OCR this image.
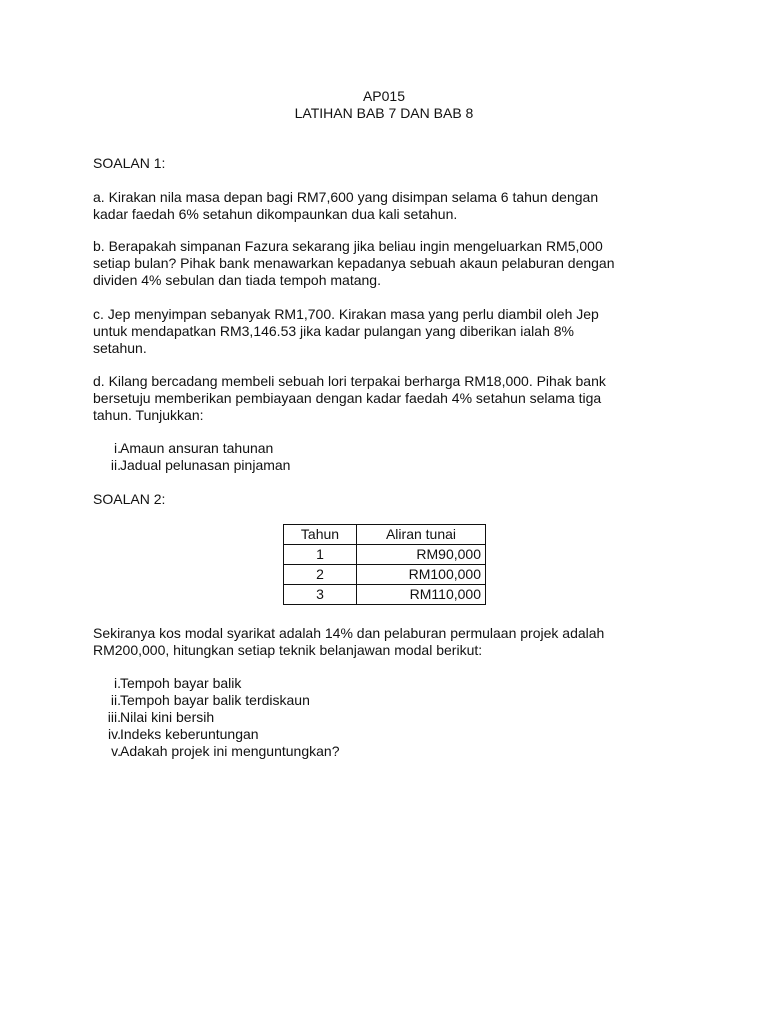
AP015
LATIHAN BAB 7 DAN BAB 8
SOALAN 1:
a. Kirakan nila masa depan bagi RM7,600 yang disimpan selama 6 tahun dengan
kadar faedah 6% setahun dikompaunkan dua kali setahun.
b. Berapakah simpanan Fazura sekarang jika beliau ingin mengeluarkan RM5,000
setiap bulan? Pihak bank menawarkan kepadanya sebuah akaun pelaburan dengan
dividen 4% sebulan dan tiada tempoh matang.
c. Jep menyimpan sebanyak RM1,700. Kirakan masa yang perlu diambil oleh Jep
untuk mendapatkan RM3,146.53 jika kadar pulangan yang diberikan ialah 8%
setahun.
d. Kilang bercadang membeli sebuah lori terpakai berharga RM18,000. Pihak bank
bersetuju memberikan pembiayaan dengan kadar faedah 4% setahun selama tiga
tahun. Tunjukkan:
i. Amaun ansuran tahunan
ii. Jadual pelunasan pinjaman
SOALAN 2:
Tahun	Aliran tunai
1	RM90,000
2	RM100,000
3	RM110,000
Sekiranya kos modal syarikat adalah 14% dan pelaburan permulaan projek adalah
RM200,000, hitungkan setiap teknik belanjawan modal berikut:
i. Tempoh bayar balik
ii. Tempoh bayar balik terdiskaun
iii. Nilai kini bersih
iv. Indeks keberuntungan
v. Adakah projek ini menguntungkan?
